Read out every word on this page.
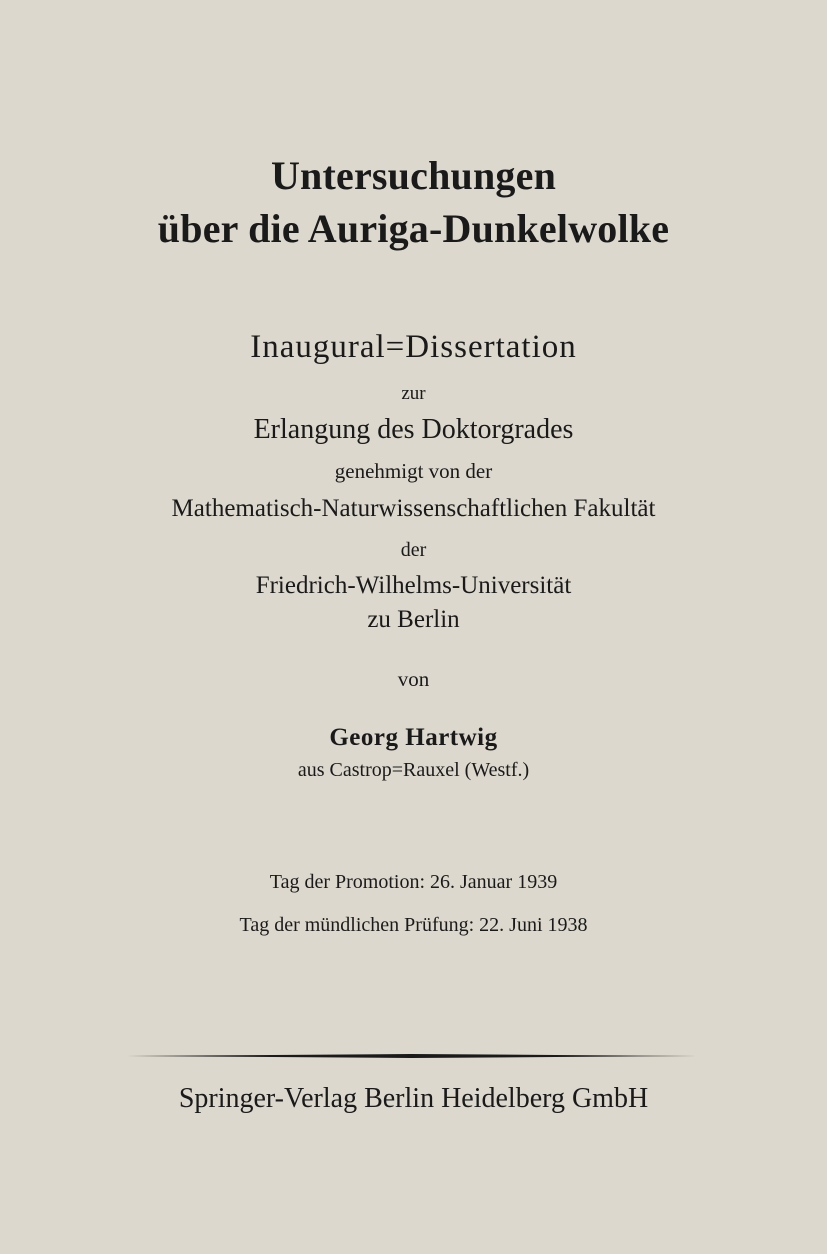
Untersuchungen
über die Auriga-Dunkelwolke
Inaugural=Dissertation
zur
Erlangung des Doktorgrades
genehmigt von der
Mathematisch-Naturwissenschaftlichen Fakultät
der
Friedrich-Wilhelms-Universität
zu Berlin
von
Georg Hartwig
aus Castrop=Rauxel (Westf.)
Tag der Promotion: 26. Januar 1939
Tag der mündlichen Prüfung: 22. Juni 1938
Springer-Verlag Berlin Heidelberg GmbH
